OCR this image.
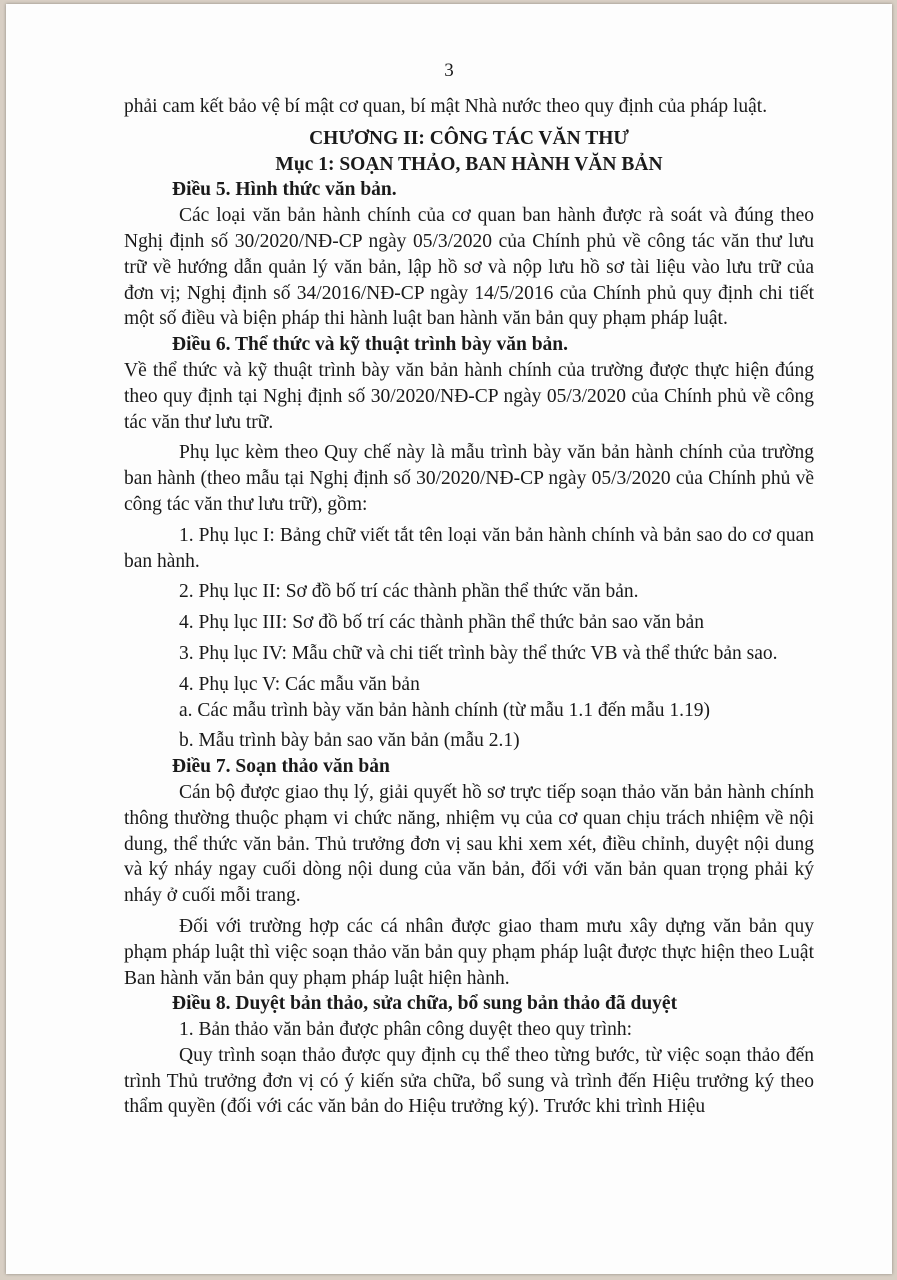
3

phải cam kết bảo vệ bí mật cơ quan, bí mật Nhà nước theo quy định của pháp luật.

CHƯƠNG II: CÔNG TÁC VĂN THƯ

Mục 1: SOẠN THẢO, BAN HÀNH VĂN BẢN

Điều 5. Hình thức văn bản.

Các loại văn bản hành chính của cơ quan ban hành được rà soát và đúng theo Nghị định số 30/2020/NĐ-CP ngày 05/3/2020 của Chính phủ về công tác văn thư lưu trữ về hướng dẫn quản lý văn bản, lập hồ sơ và nộp lưu hồ sơ tài liệu vào lưu trữ của đơn vị; Nghị định số 34/2016/NĐ-CP ngày 14/5/2016 của Chính phủ quy định chi tiết một số điều và biện pháp thi hành luật ban hành văn bản quy phạm pháp luật.

Điều 6. Thể thức và kỹ thuật trình bày văn bản.

Về thể thức và kỹ thuật trình bày văn bản hành chính của trường được thực hiện đúng theo quy định tại Nghị định số 30/2020/NĐ-CP ngày 05/3/2020 của Chính phủ về công tác văn thư lưu trữ.

Phụ lục kèm theo Quy chế này là mẫu trình bày văn bản hành chính của trường ban hành (theo mẫu tại Nghị định số 30/2020/NĐ-CP ngày 05/3/2020 của Chính phủ về công tác văn thư lưu trữ), gồm:

1. Phụ lục I: Bảng chữ viết tắt tên loại văn bản hành chính và bản sao do cơ quan ban hành.

2. Phụ lục II: Sơ đồ bố trí các thành phần thể thức văn bản.

4. Phụ lục III: Sơ đồ bố trí các thành phần thể thức bản sao văn bản

3. Phụ lục IV: Mẫu chữ và chi tiết trình bày thể thức VB và thể thức bản sao.

4. Phụ lục V: Các mẫu văn bản

a. Các mẫu trình bày văn bản hành chính (từ mẫu 1.1 đến mẫu 1.19)

b. Mẫu trình bày bản sao văn bản (mẫu 2.1)

Điều 7. Soạn thảo văn bản

Cán bộ được giao thụ lý, giải quyết hồ sơ trực tiếp soạn thảo văn bản hành chính thông thường thuộc phạm vi chức năng, nhiệm vụ của cơ quan chịu trách nhiệm về nội dung, thể thức văn bản. Thủ trưởng đơn vị sau khi xem xét, điều chỉnh, duyệt nội dung và ký nháy ngay cuối dòng nội dung của văn bản, đối với văn bản quan trọng phải ký nháy ở cuối mỗi trang.

Đối với trường hợp các cá nhân được giao tham mưu xây dựng văn bản quy phạm pháp luật thì việc soạn thảo văn bản quy phạm pháp luật được thực hiện theo Luật Ban hành văn bản quy phạm pháp luật hiện hành.

Điều 8. Duyệt bản thảo, sửa chữa, bổ sung bản thảo đã duyệt

1. Bản thảo văn bản được phân công duyệt theo quy trình:

Quy trình soạn thảo được quy định cụ thể theo từng bước, từ việc soạn thảo đến trình Thủ trưởng đơn vị có ý kiến sửa chữa, bổ sung và trình đến Hiệu trưởng ký theo thẩm quyền (đối với các văn bản do Hiệu trưởng ký). Trước khi trình Hiệu
